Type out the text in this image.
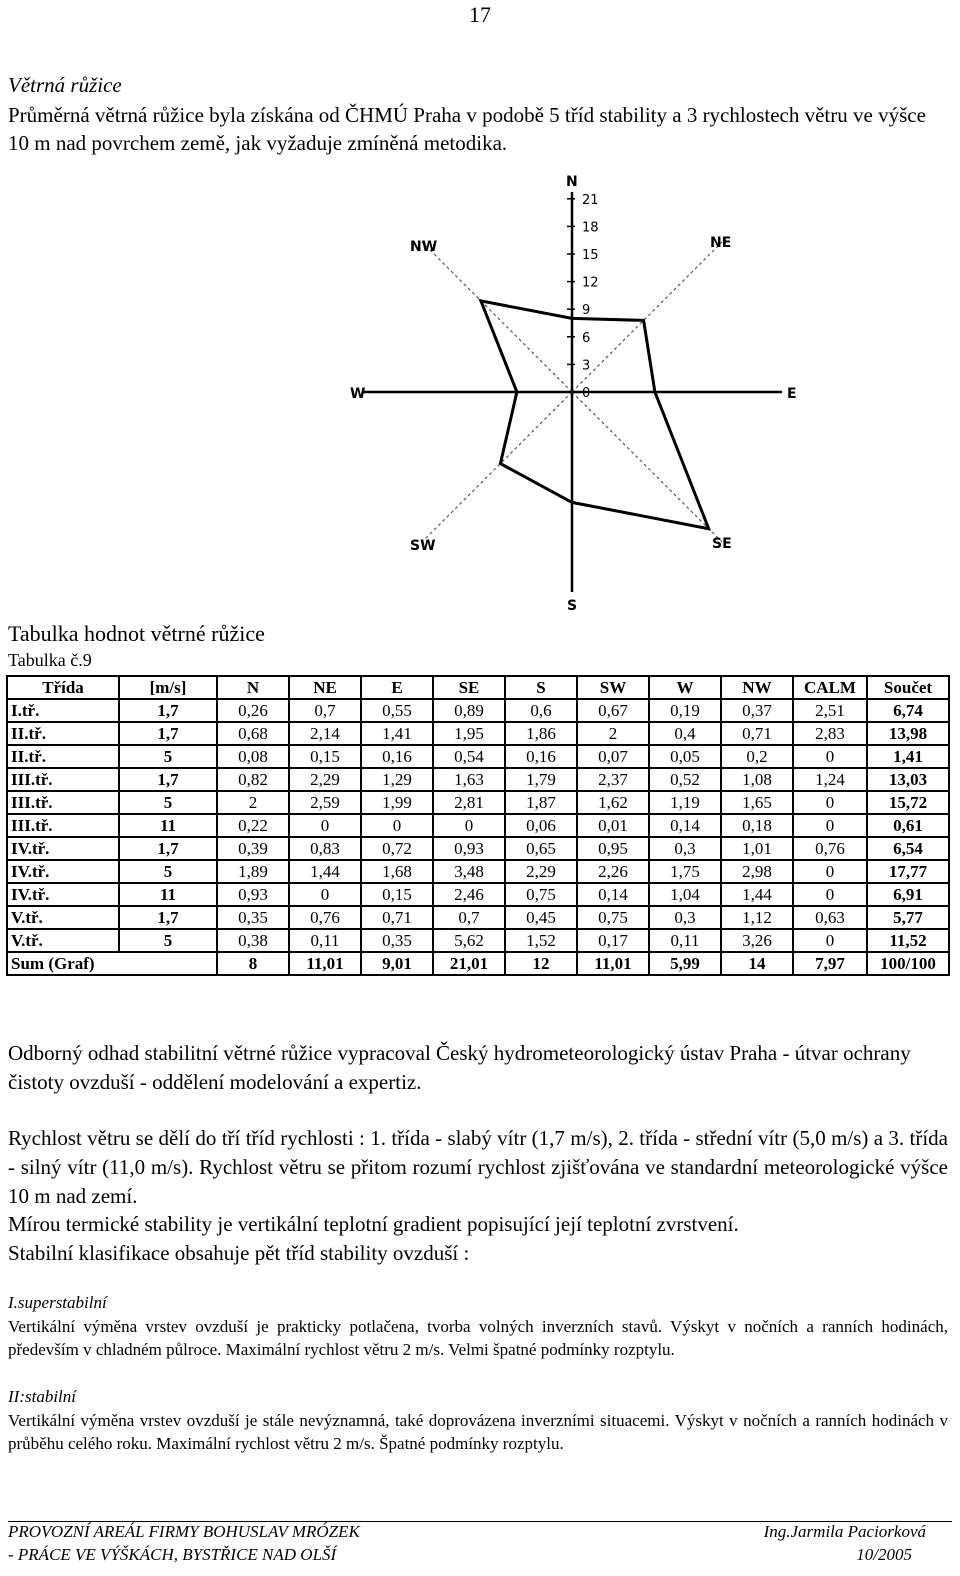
17
Větrná růžice
Průměrná větrná růžice byla získána od ČHMÚ Praha v podobě 5 tříd stability a 3 rychlostech větru ve výšce 10 m nad povrchem země, jak vyžaduje zmíněná metodika.
0
3
6
9
12
15
18
21
N
NE
E
SE
S
SW
W
NW
Tabulka hodnot větrné růžice
Tabulka č.9
Třída	[m/s]	N	NE	E	SE	S	SW	W	NW	CALM	Součet
I.tř.	1,7	0,26	0,7	0,55	0,89	0,6	0,67	0,19	0,37	2,51	6,74
II.tř.	1,7	0,68	2,14	1,41	1,95	1,86	2	0,4	0,71	2,83	13,98
II.tř.	5	0,08	0,15	0,16	0,54	0,16	0,07	0,05	0,2	0	1,41
III.tř.	1,7	0,82	2,29	1,29	1,63	1,79	2,37	0,52	1,08	1,24	13,03
III.tř.	5	2	2,59	1,99	2,81	1,87	1,62	1,19	1,65	0	15,72
III.tř.	11	0,22	0	0	0	0,06	0,01	0,14	0,18	0	0,61
IV.tř.	1,7	0,39	0,83	0,72	0,93	0,65	0,95	0,3	1,01	0,76	6,54
IV.tř.	5	1,89	1,44	1,68	3,48	2,29	2,26	1,75	2,98	0	17,77
IV.tř.	11	0,93	0	0,15	2,46	0,75	0,14	1,04	1,44	0	6,91
V.tř.	1,7	0,35	0,76	0,71	0,7	0,45	0,75	0,3	1,12	0,63	5,77
V.tř.	5	0,38	0,11	0,35	5,62	1,52	0,17	0,11	3,26	0	11,52
Sum (Graf)		8	11,01	9,01	21,01	12	11,01	5,99	14	7,97	100/100
Odborný odhad stabilitní větrné růžice vypracoval Český hydrometeorologický ústav Praha - útvar ochrany čistoty ovzduší - oddělení modelování a expertiz.
Rychlost větru se dělí do tří tříd rychlosti : 1. třída - slabý vítr (1,7 m/s), 2. třída - střední vítr (5,0 m/s) a 3. třída - silný vítr (11,0 m/s). Rychlost větru se přitom rozumí rychlost zjišťována ve standardní meteorologické výšce 10 m nad zemí.
Mírou termické stability je vertikální teplotní gradient popisující její teplotní zvrstvení.
Stabilní klasifikace obsahuje pět tříd stability ovzduší :
I.superstabilní
Vertikální výměna vrstev ovzduší je prakticky potlačena, tvorba volných inverzních stavů. Výskyt v nočních a ranních hodinách, především v chladném půlroce. Maximální rychlost větru 2 m/s. Velmi špatné podmínky rozptylu.
II:stabilní
Vertikální výměna vrstev ovzduší je stále nevýznamná, také doprovázena inverzními situacemi. Výskyt v nočních a ranních hodinách v průběhu celého roku. Maximální rychlost větru 2 m/s. Špatné podmínky rozptylu.
PROVOZNÍ AREÁL FIRMY BOHUSLAV MRÓZEK
- PRÁCE VE VÝŠKÁCH, BYSTŘICE NAD OLŠÍ
Ing.Jarmila Paciorková
10/2005
